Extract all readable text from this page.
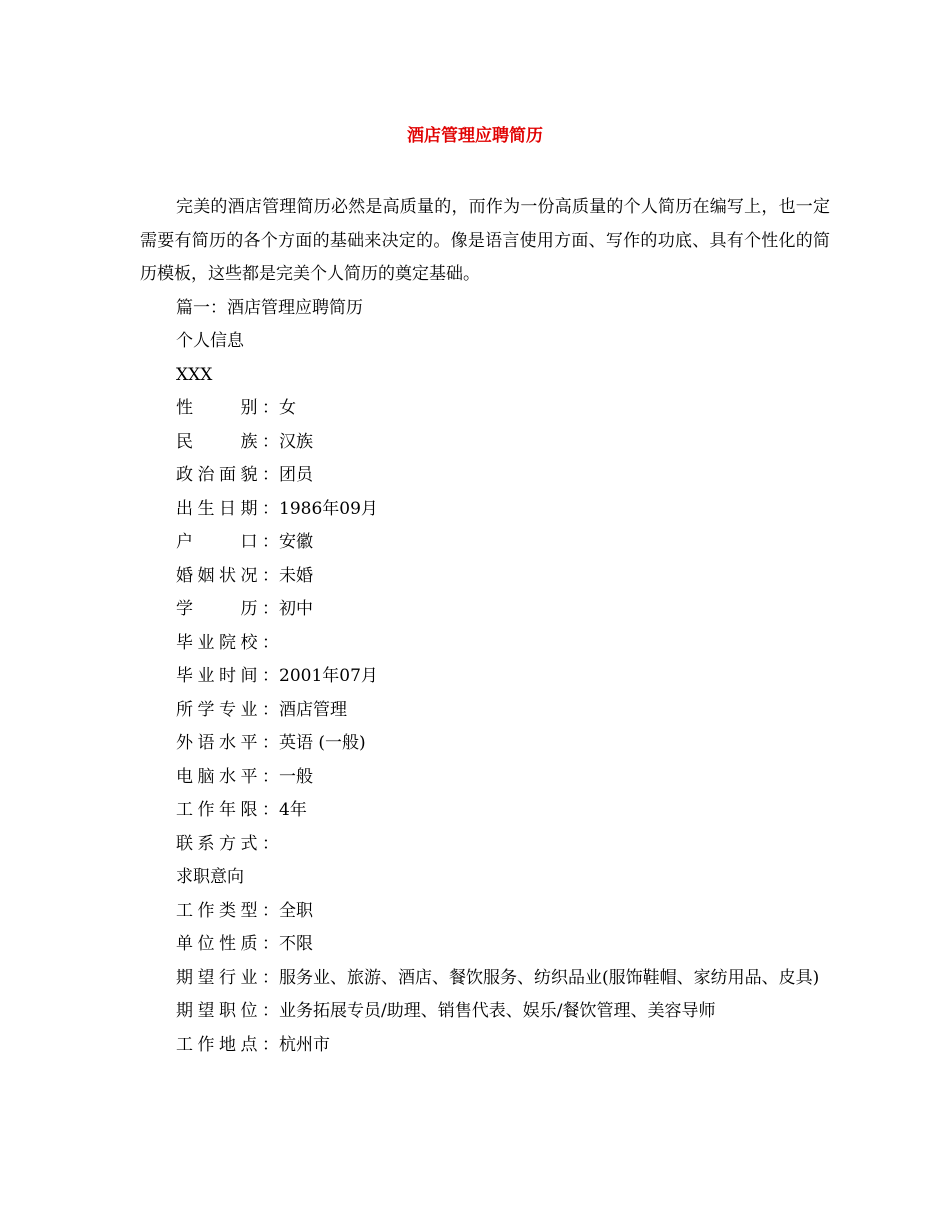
酒店管理应聘简历

完美的酒店管理简历必然是高质量的，而作为一份高质量的个人简历在编写上，也一定需要有简历的各个方面的基础来决定的。像是语言使用方面、写作的功底、具有个性化的简历模板，这些都是完美个人简历的奠定基础。

篇一：酒店管理应聘简历

个人信息

XXX

性　　别： 女
民　　族： 汉族
政治面貌： 团员
出生日期： 1986年09月
户　　口： 安徽
婚姻状况： 未婚
学　　历： 初中
毕业院校：
毕业时间： 2001年07月
所学专业： 酒店管理
外语水平： 英语 (一般)
电脑水平： 一般
工作年限： 4年
联系方式：

求职意向

工作类型： 全职
单位性质： 不限
期望行业：服务业、旅游、酒店、餐饮服务、纺织品业(服饰鞋帽、家纺用品、皮具)
期望职位： 业务拓展专员/助理、销售代表、娱乐/餐饮管理、美容导师
工作地点： 杭州市
